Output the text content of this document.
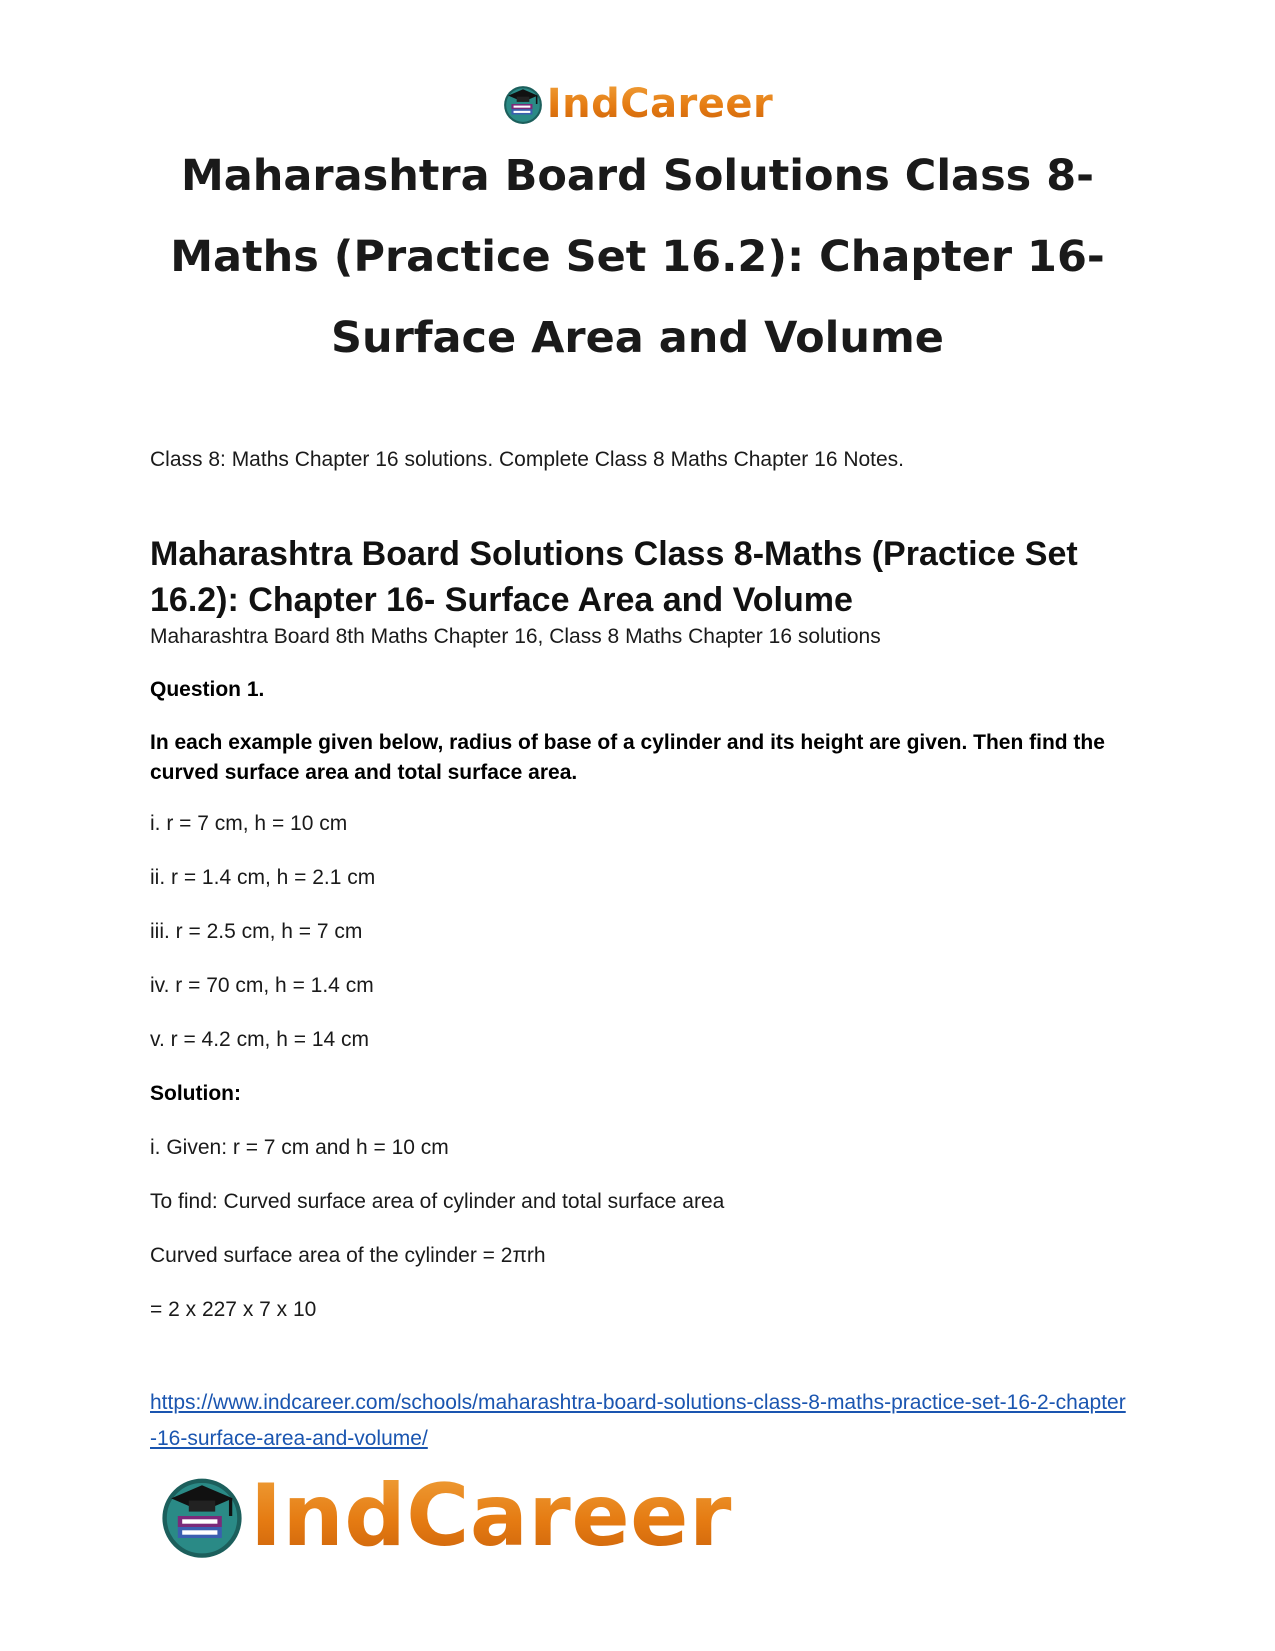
IndCareer
Maharashtra Board Solutions Class 8-Maths (Practice Set 16.2): Chapter 16- Surface Area and Volume

Class 8: Maths Chapter 16 solutions. Complete Class 8 Maths Chapter 16 Notes.

Maharashtra Board Solutions Class 8-Maths (Practice Set 16.2): Chapter 16- Surface Area and Volume

Maharashtra Board 8th Maths Chapter 16, Class 8 Maths Chapter 16 solutions

Question 1.

In each example given below, radius of base of a cylinder and its height are given. Then find the curved surface area and total surface area.

i. r = 7 cm, h = 10 cm

ii. r = 1.4 cm, h = 2.1 cm

iii. r = 2.5 cm, h = 7 cm

iv. r = 70 cm, h = 1.4 cm

v. r = 4.2 cm, h = 14 cm

Solution:

i. Given: r = 7 cm and h = 10 cm

To find: Curved surface area of cylinder and total surface area

Curved surface area of the cylinder = 2πrh

= 2 x 227 x 7 x 10

https://www.indcareer.com/schools/maharashtra-board-solutions-class-8-maths-practice-set-16-2-chapter-16-surface-area-and-volume/
IndCareer
